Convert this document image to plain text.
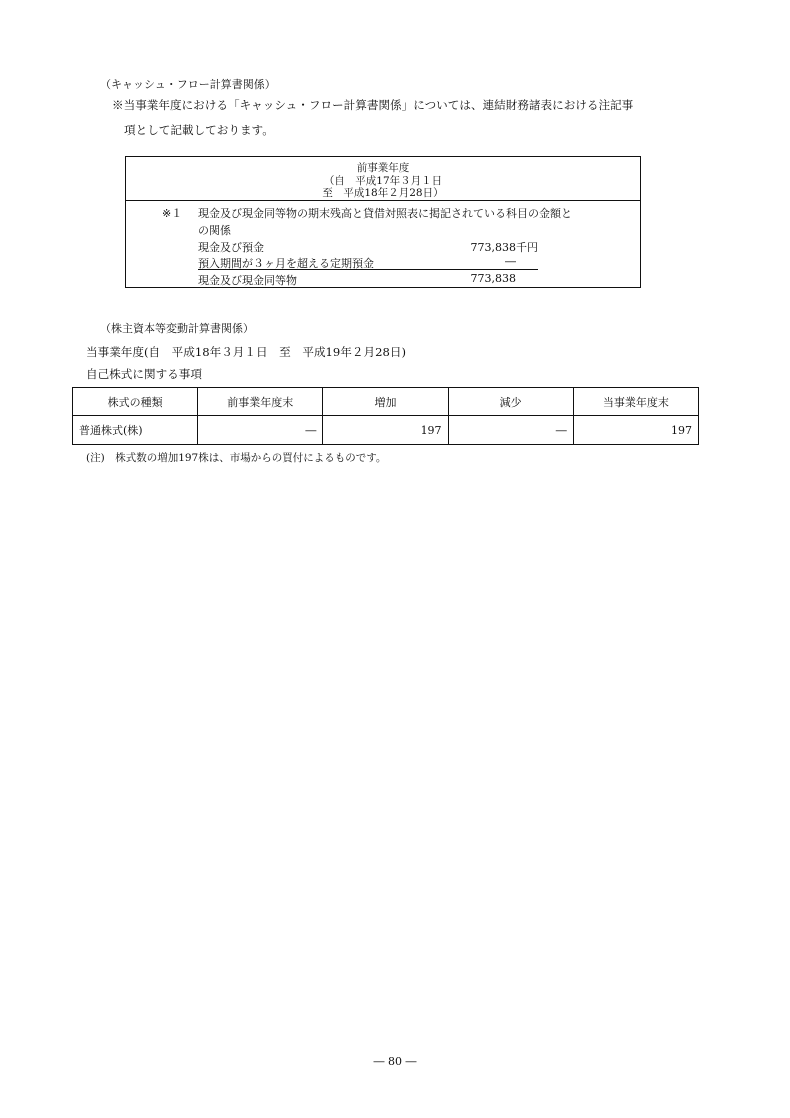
（キャッシュ・フロー計算書関係）
※当事業年度における「キャッシュ・フロー計算書関係」については、連結財務諸表における注記事
項として記載しております。
前事業年度
（自　平成17年３月１日
至　平成18年２月28日）
※１ 現金及び現金同等物の期末残高と貸借対照表に掲記されている科目の金額と
の関係
現金及び預金	773,838千円
預入期間が３ヶ月を超える定期預金	―
現金及び現金同等物	773,838
（株主資本等変動計算書関係）
当事業年度(自　平成18年３月１日　至　平成19年２月28日)
自己株式に関する事項
株式の種類	前事業年度末	増加	減少	当事業年度末
普通株式(株)	―	197	―	197
(注)　株式数の増加197株は、市場からの買付によるものです。
― 80 ―
